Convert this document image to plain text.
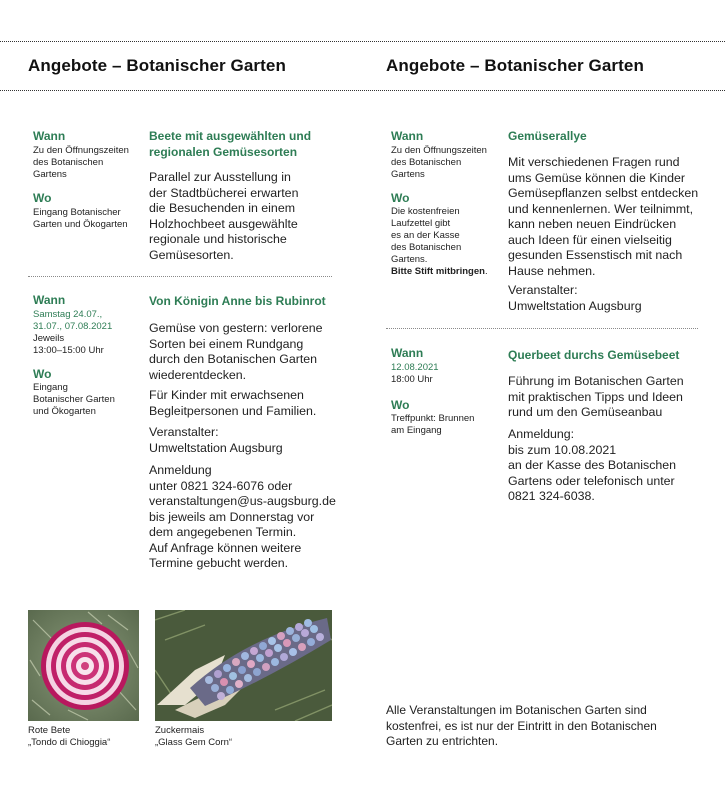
Angebote – Botanischer Garten	Angebote – Botanischer Garten
Wann
Zu den Öffnungszeiten
des Botanischen
Gartens
Wo
Eingang Botanischer
Garten und Ökogarten
Beete mit ausgewählten und
regionalen Gemüsesorten
Parallel zur Ausstellung in
der Stadtbücherei erwarten
die Besuchenden in einem
Holzhochbeet ausgewählte
regionale und historische
Gemüsesorten.
Wann
Samstag 24.07.,
31.07., 07.08.2021
Jeweils
13:00–15:00 Uhr
Wo
Eingang
Botanischer Garten
und Ökogarten
Von Königin Anne bis Rubinrot
Gemüse von gestern: verlorene
Sorten bei einem Rundgang
durch den Botanischen Garten
wiederentdecken.
Für Kinder mit erwachsenen
Begleitpersonen und Familien.
Veranstalter:
Umweltstation Augsburg
Anmeldung
unter 0821 324-6076 oder
veranstaltungen@us-augsburg.de
bis jeweils am Donnerstag vor
dem angegebenen Termin.
Auf Anfrage können weitere
Termine gebucht werden.
Rote Bete
„Tondo di Chioggia“
Zuckermais
„Glass Gem Corn“
Wann
Zu den Öffnungszeiten
des Botanischen
Gartens
Wo
Die kostenfreien
Laufzettel gibt
es an der Kasse
des Botanischen
Gartens.
Bitte Stift mitbringen.
Gemüserallye
Mit verschiedenen Fragen rund
ums Gemüse können die Kinder
Gemüsepflanzen selbst entdecken
und kennenlernen. Wer teilnimmt,
kann neben neuen Eindrücken
auch Ideen für einen vielseitig
gesunden Essenstisch mit nach
Hause nehmen.
Veranstalter:
Umweltstation Augsburg
Wann
12.08.2021
18:00 Uhr
Wo
Treffpunkt: Brunnen
am Eingang
Querbeet durchs Gemüsebeet
Führung im Botanischen Garten
mit praktischen Tipps und Ideen
rund um den Gemüseanbau
Anmeldung:
bis zum 10.08.2021
an der Kasse des Botanischen
Gartens oder telefonisch unter
0821 324-6038.
Alle Veranstaltungen im Botanischen Garten sind
kostenfrei, es ist nur der Eintritt in den Botanischen
Garten zu entrichten.
